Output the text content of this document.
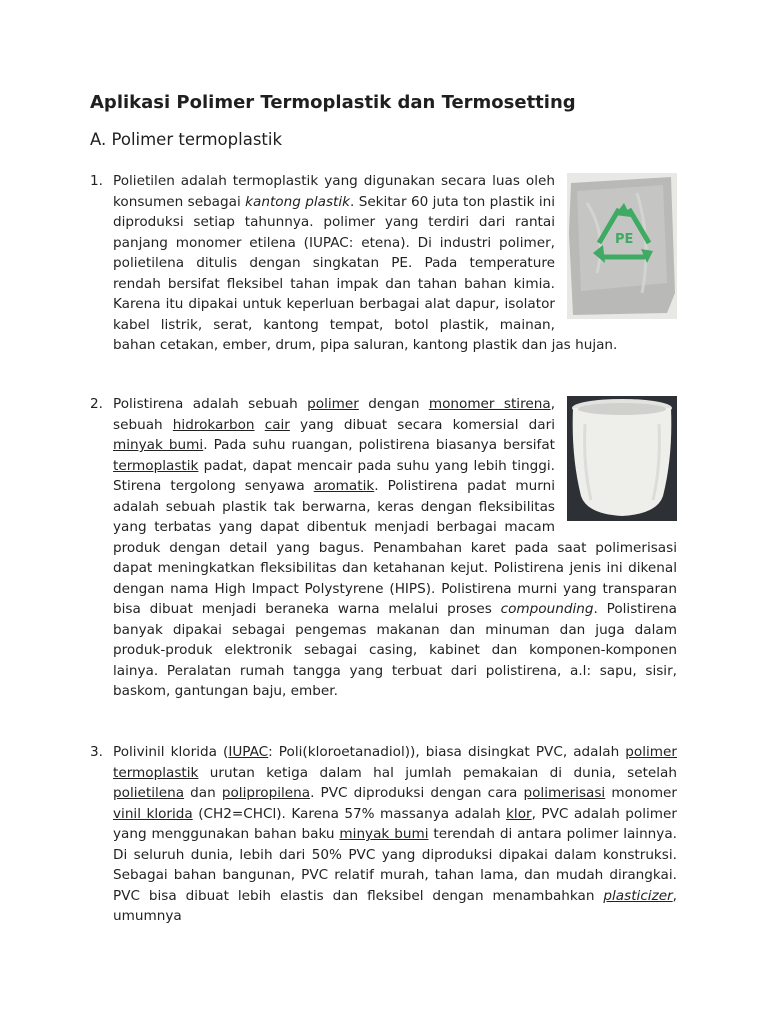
Aplikasi Polimer Termoplastik dan Termosetting
A. Polimer termoplastik
1.
PE
Polietilen adalah termoplastik yang digunakan secara luas oleh konsumen sebagai kantong plastik. Sekitar 60 juta ton plastik ini diproduksi setiap tahunnya. polimer yang terdiri dari rantai panjang monomer etilena (IUPAC: etena). Di industri polimer, polietilena ditulis dengan singkatan PE. Pada temperature rendah bersifat fleksibel tahan impak dan tahan bahan kimia. Karena itu dipakai untuk keperluan berbagai alat dapur, isolator kabel listrik, serat, kantong tempat, botol plastik, mainan, bahan cetakan, ember, drum, pipa saluran, kantong plastik dan jas hujan.
2. Polistirena adalah sebuah polimer dengan monomer stirena, sebuah hidrokarbon cair yang dibuat secara komersial dari minyak bumi. Pada suhu ruangan, polistirena biasanya bersifat termoplastik padat, dapat mencair pada suhu yang lebih tinggi. Stirena tergolong senyawa aromatik. Polistirena padat murni adalah sebuah plastik tak berwarna, keras dengan fleksibilitas yang terbatas yang dapat dibentuk menjadi berbagai macam produk dengan detail yang bagus. Penambahan karet pada saat polimerisasi dapat meningkatkan fleksibilitas dan ketahanan kejut. Polistirena jenis ini dikenal dengan nama High Impact Polystyrene (HIPS). Polistirena murni yang transparan bisa dibuat menjadi beraneka warna melalui proses compounding. Polistirena banyak dipakai sebagai pengemas makanan dan minuman dan juga dalam produk-produk elektronik sebagai casing, kabinet dan komponen-komponen lainya. Peralatan rumah tangga yang terbuat dari polistirena, a.l: sapu, sisir, baskom, gantungan baju, ember.
3. Polivinil klorida (IUPAC: Poli(kloroetanadiol)), biasa disingkat PVC, adalah polimer termoplastik urutan ketiga dalam hal jumlah pemakaian di dunia, setelah polietilena dan polipropilena. PVC diproduksi dengan cara polimerisasi monomer vinil klorida (CH2=CHCl). Karena 57% massanya adalah klor, PVC adalah polimer yang menggunakan bahan baku minyak bumi terendah di antara polimer lainnya. Di seluruh dunia, lebih dari 50% PVC yang diproduksi dipakai dalam konstruksi. Sebagai bahan bangunan, PVC relatif murah, tahan lama, dan mudah dirangkai. PVC bisa dibuat lebih elastis dan fleksibel dengan menambahkan plasticizer, umumnya
